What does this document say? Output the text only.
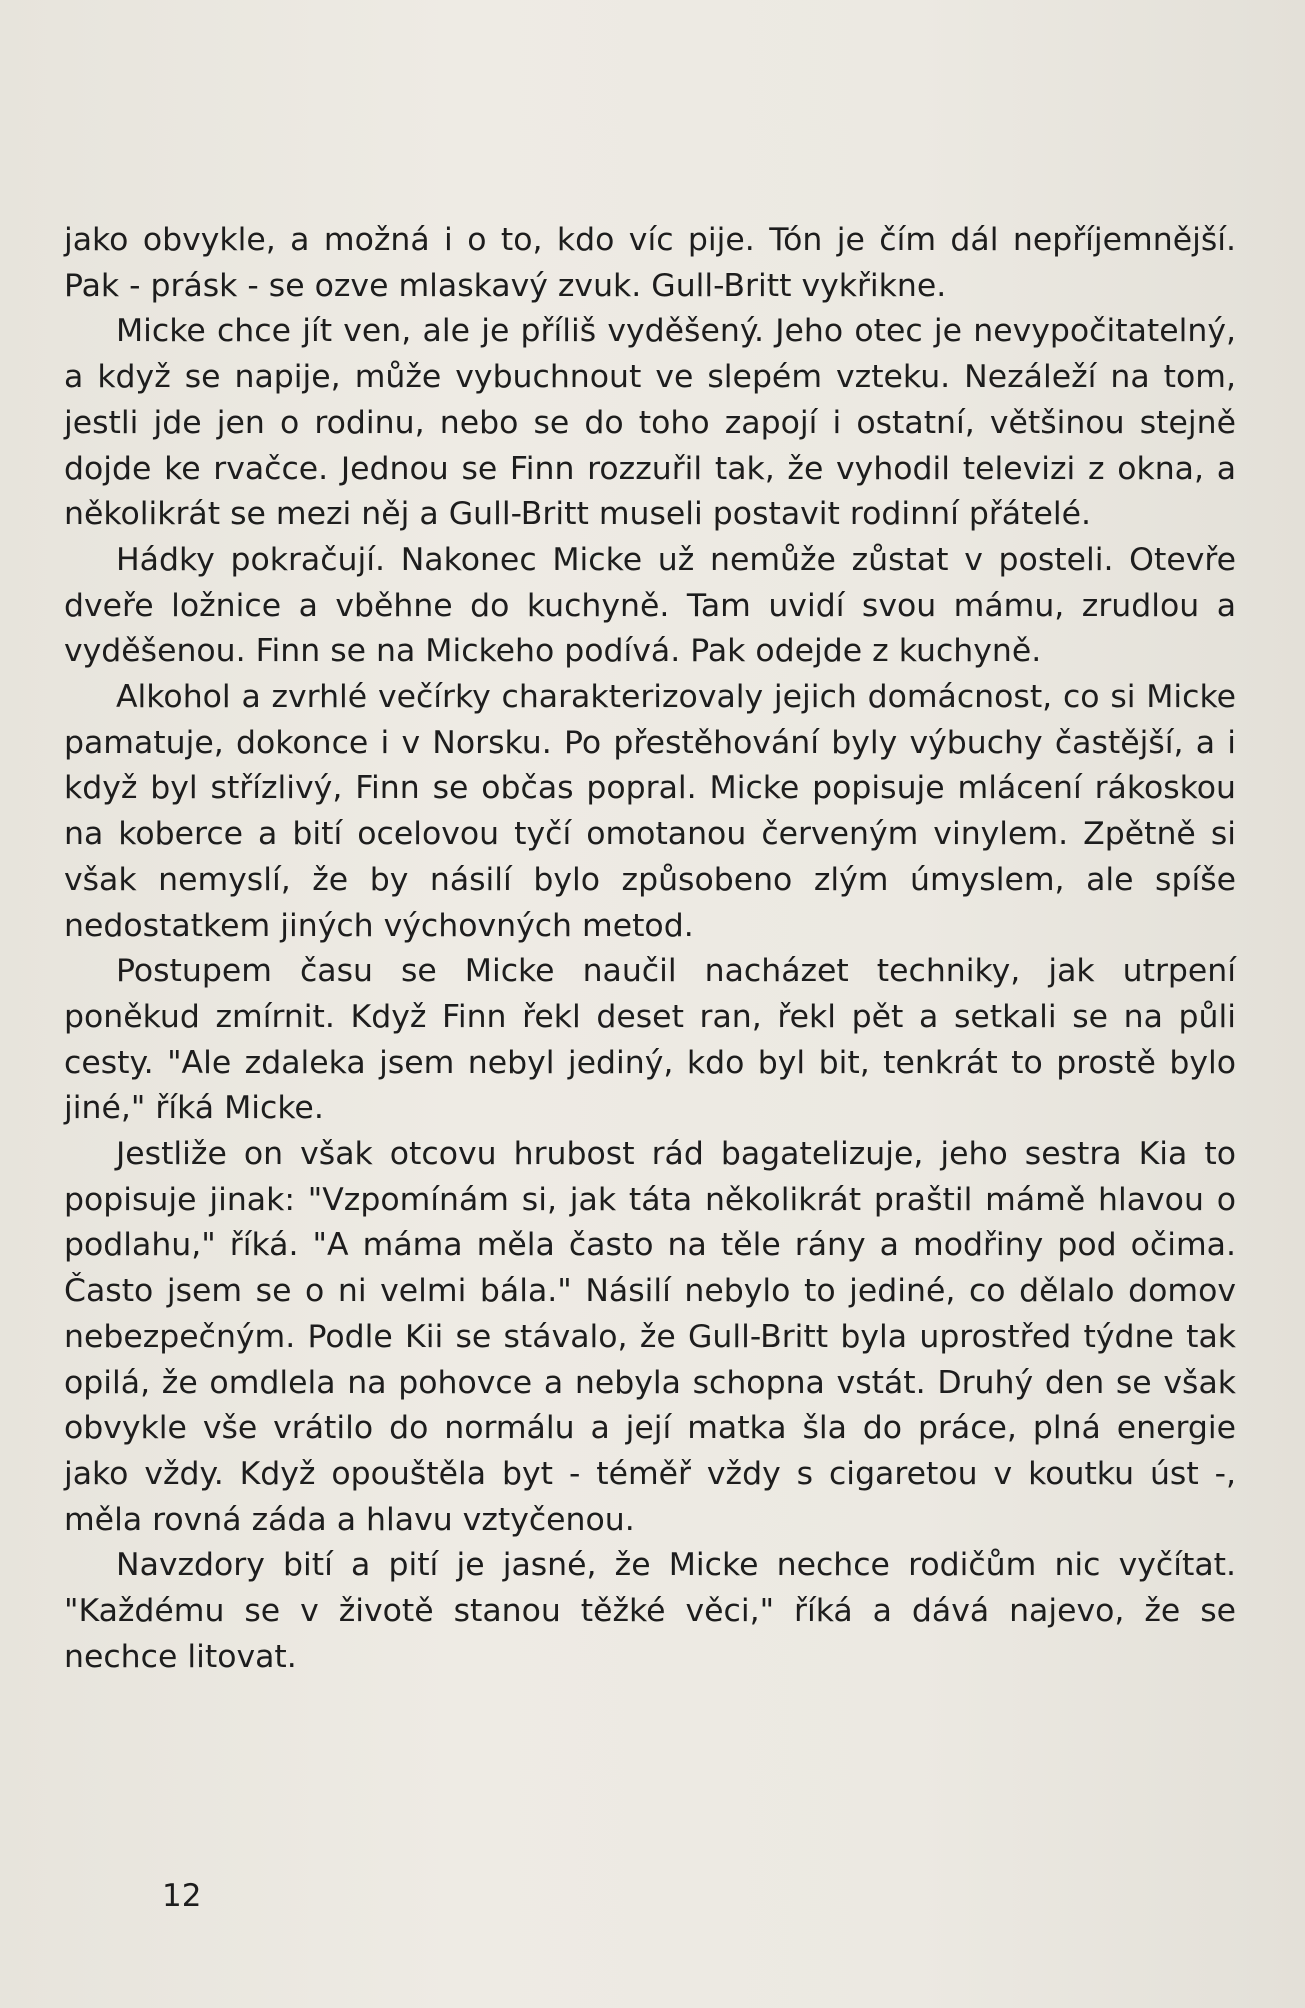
jako obvykle, a možná i o to, kdo víc pije. Tón je čím dál nepříjemnější. Pak - prásk - se ozve mlaskavý zvuk. Gull-Britt vykřikne.

Micke chce jít ven, ale je příliš vyděšený. Jeho otec je nevypočitatelný, a když se napije, může vybuchnout ve slepém vzteku. Nezáleží na tom, jestli jde jen o rodinu, nebo se do toho zapojí i ostatní, většinou stejně dojde ke rvačce. Jednou se Finn rozzuřil tak, že vyhodil televizi z okna, a několikrát se mezi něj a Gull-Britt museli postavit rodinní přátelé.

Hádky pokračují. Nakonec Micke už nemůže zůstat v posteli. Otevře dveře ložnice a vběhne do kuchyně. Tam uvidí svou mámu, zrudlou a vyděšenou. Finn se na Mickeho podívá. Pak odejde z kuchyně.

Alkohol a zvrhlé večírky charakterizovaly jejich domácnost, co si Micke pamatuje, dokonce i v Norsku. Po přestěhování byly výbuchy častější, a i když byl střízlivý, Finn se občas popral. Micke popisuje mlácení rákoskou na koberce a bití ocelovou tyčí omotanou červeným vinylem. Zpětně si však nemyslí, že by násilí bylo způsobeno zlým úmyslem, ale spíše nedostatkem jiných výchovných metod.

Postupem času se Micke naučil nacházet techniky, jak utrpení poněkud zmírnit. Když Finn řekl deset ran, řekl pět a setkali se na půli cesty. "Ale zdaleka jsem nebyl jediný, kdo byl bit, tenkrát to prostě bylo jiné," říká Micke.

Jestliže on však otcovu hrubost rád bagatelizuje, jeho sestra Kia to popisuje jinak: "Vzpomínám si, jak táta několikrát praštil mámě hlavou o podlahu," říká. "A máma měla často na těle rány a modřiny pod očima. Často jsem se o ni velmi bála." Násilí nebylo to jediné, co dělalo domov nebezpečným. Podle Kii se stávalo, že Gull-Britt byla uprostřed týdne tak opilá, že omdlela na pohovce a nebyla schopna vstát. Druhý den se však obvykle vše vrátilo do normálu a její matka šla do práce, plná energie jako vždy. Když opouštěla byt - téměř vždy s cigaretou v koutku úst -, měla rovná záda a hlavu vztyčenou.

Navzdory bití a pití je jasné, že Micke nechce rodičům nic vyčítat. "Každému se v životě stanou těžké věci," říká a dává najevo, že se nechce litovat.

12
